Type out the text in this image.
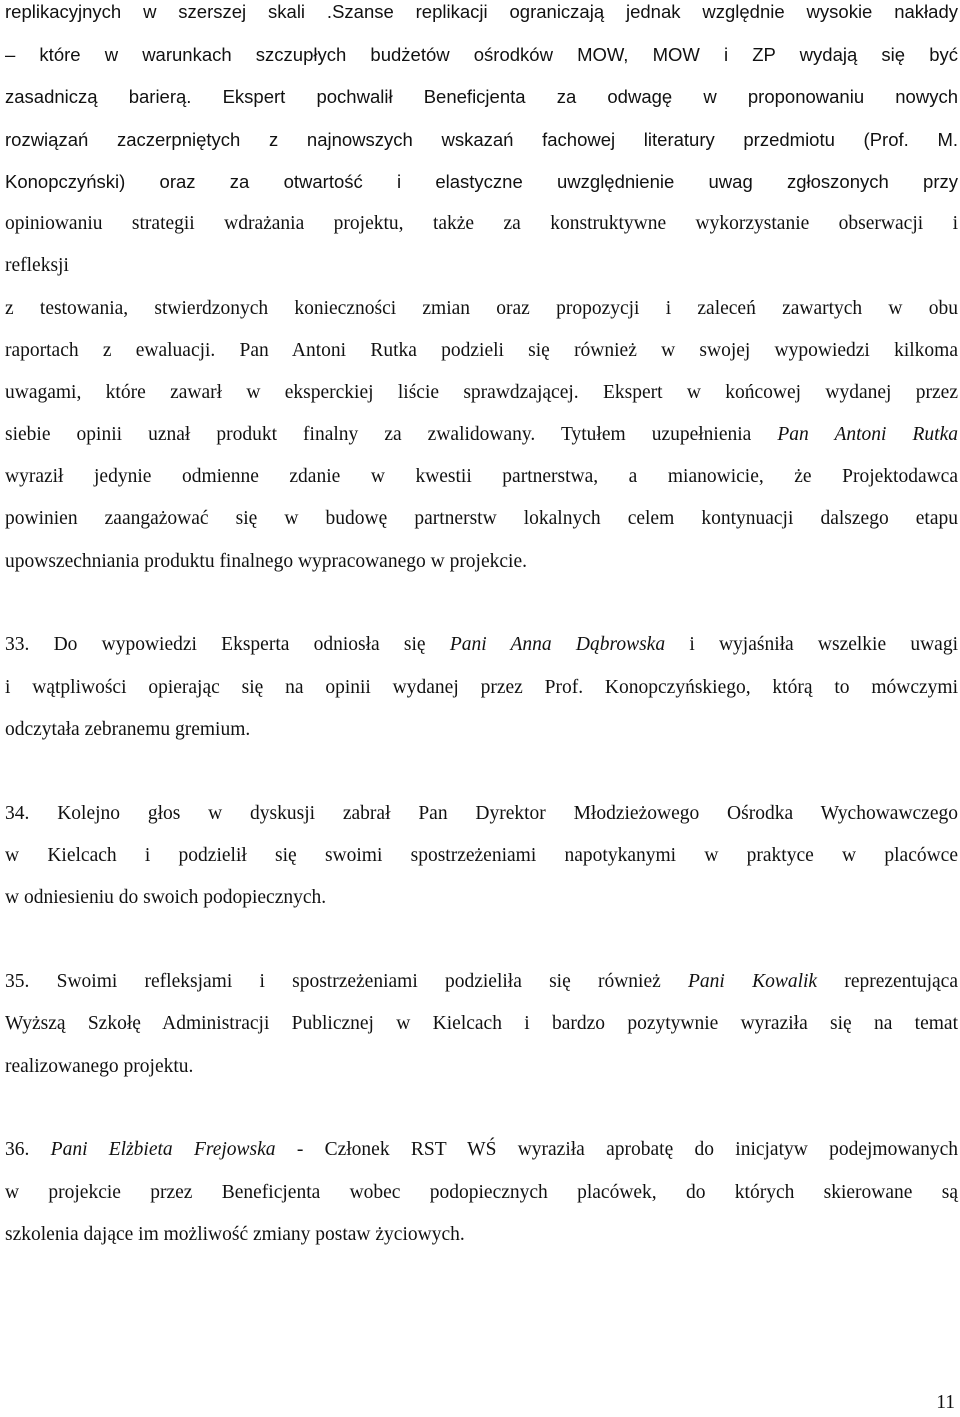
replikacyjnych w szerszej skali .Szanse replikacji ograniczają jednak względnie wysokie nakłady
– które w warunkach szczupłych budżetów ośrodków MOW, MOW i ZP wydają się być
zasadniczą barierą. Ekspert pochwalił Beneficjenta za odwagę w proponowaniu nowych
rozwiązań zaczerpniętych z najnowszych wskazań fachowej literatury przedmiotu (Prof. M.
Konopczyński) oraz za otwartość i elastyczne uwzględnienie uwag zgłoszonych przy
opiniowaniu strategii wdrażania projektu, także za konstruktywne wykorzystanie obserwacji i
refleksji
z testowania, stwierdzonych konieczności zmian oraz propozycji i zaleceń zawartych w obu
raportach z ewaluacji. Pan Antoni Rutka podzieli się również w swojej wypowiedzi kilkoma
uwagami, które zawarł w eksperckiej liście sprawdzającej. Ekspert w końcowej wydanej przez
siebie opinii uznał produkt finalny za zwalidowany. Tytułem uzupełnienia Pan Antoni Rutka
wyraził jedynie odmienne zdanie w kwestii partnerstwa, a mianowicie, że Projektodawca
powinien zaangażować się w budowę partnerstw lokalnych celem kontynuacji dalszego etapu
upowszechniania produktu finalnego wypracowanego w projekcie.
33. Do wypowiedzi Eksperta odniosła się Pani Anna Dąbrowska i wyjaśniła wszelkie uwagi
i wątpliwości opierając się na opinii wydanej przez Prof. Konopczyńskiego, którą to mówczymi
odczytała zebranemu gremium.
34. Kolejno głos w dyskusji zabrał Pan Dyrektor Młodzieżowego Ośrodka Wychowawczego
w Kielcach i podzielił się swoimi spostrzeżeniami napotykanymi w praktyce w placówce
w odniesieniu do swoich podopiecznych.
35. Swoimi refleksjami i spostrzeżeniami podzieliła się również Pani Kowalik reprezentująca
Wyższą Szkołę Administracji Publicznej w Kielcach i bardzo pozytywnie wyraziła się na temat
realizowanego projektu.
36. Pani Elżbieta Frejowska - Członek RST WŚ wyraziła aprobatę do inicjatyw podejmowanych
w projekcie przez Beneficjenta wobec podopiecznych placówek, do których skierowane są
szkolenia dające im możliwość zmiany postaw życiowych.
11
